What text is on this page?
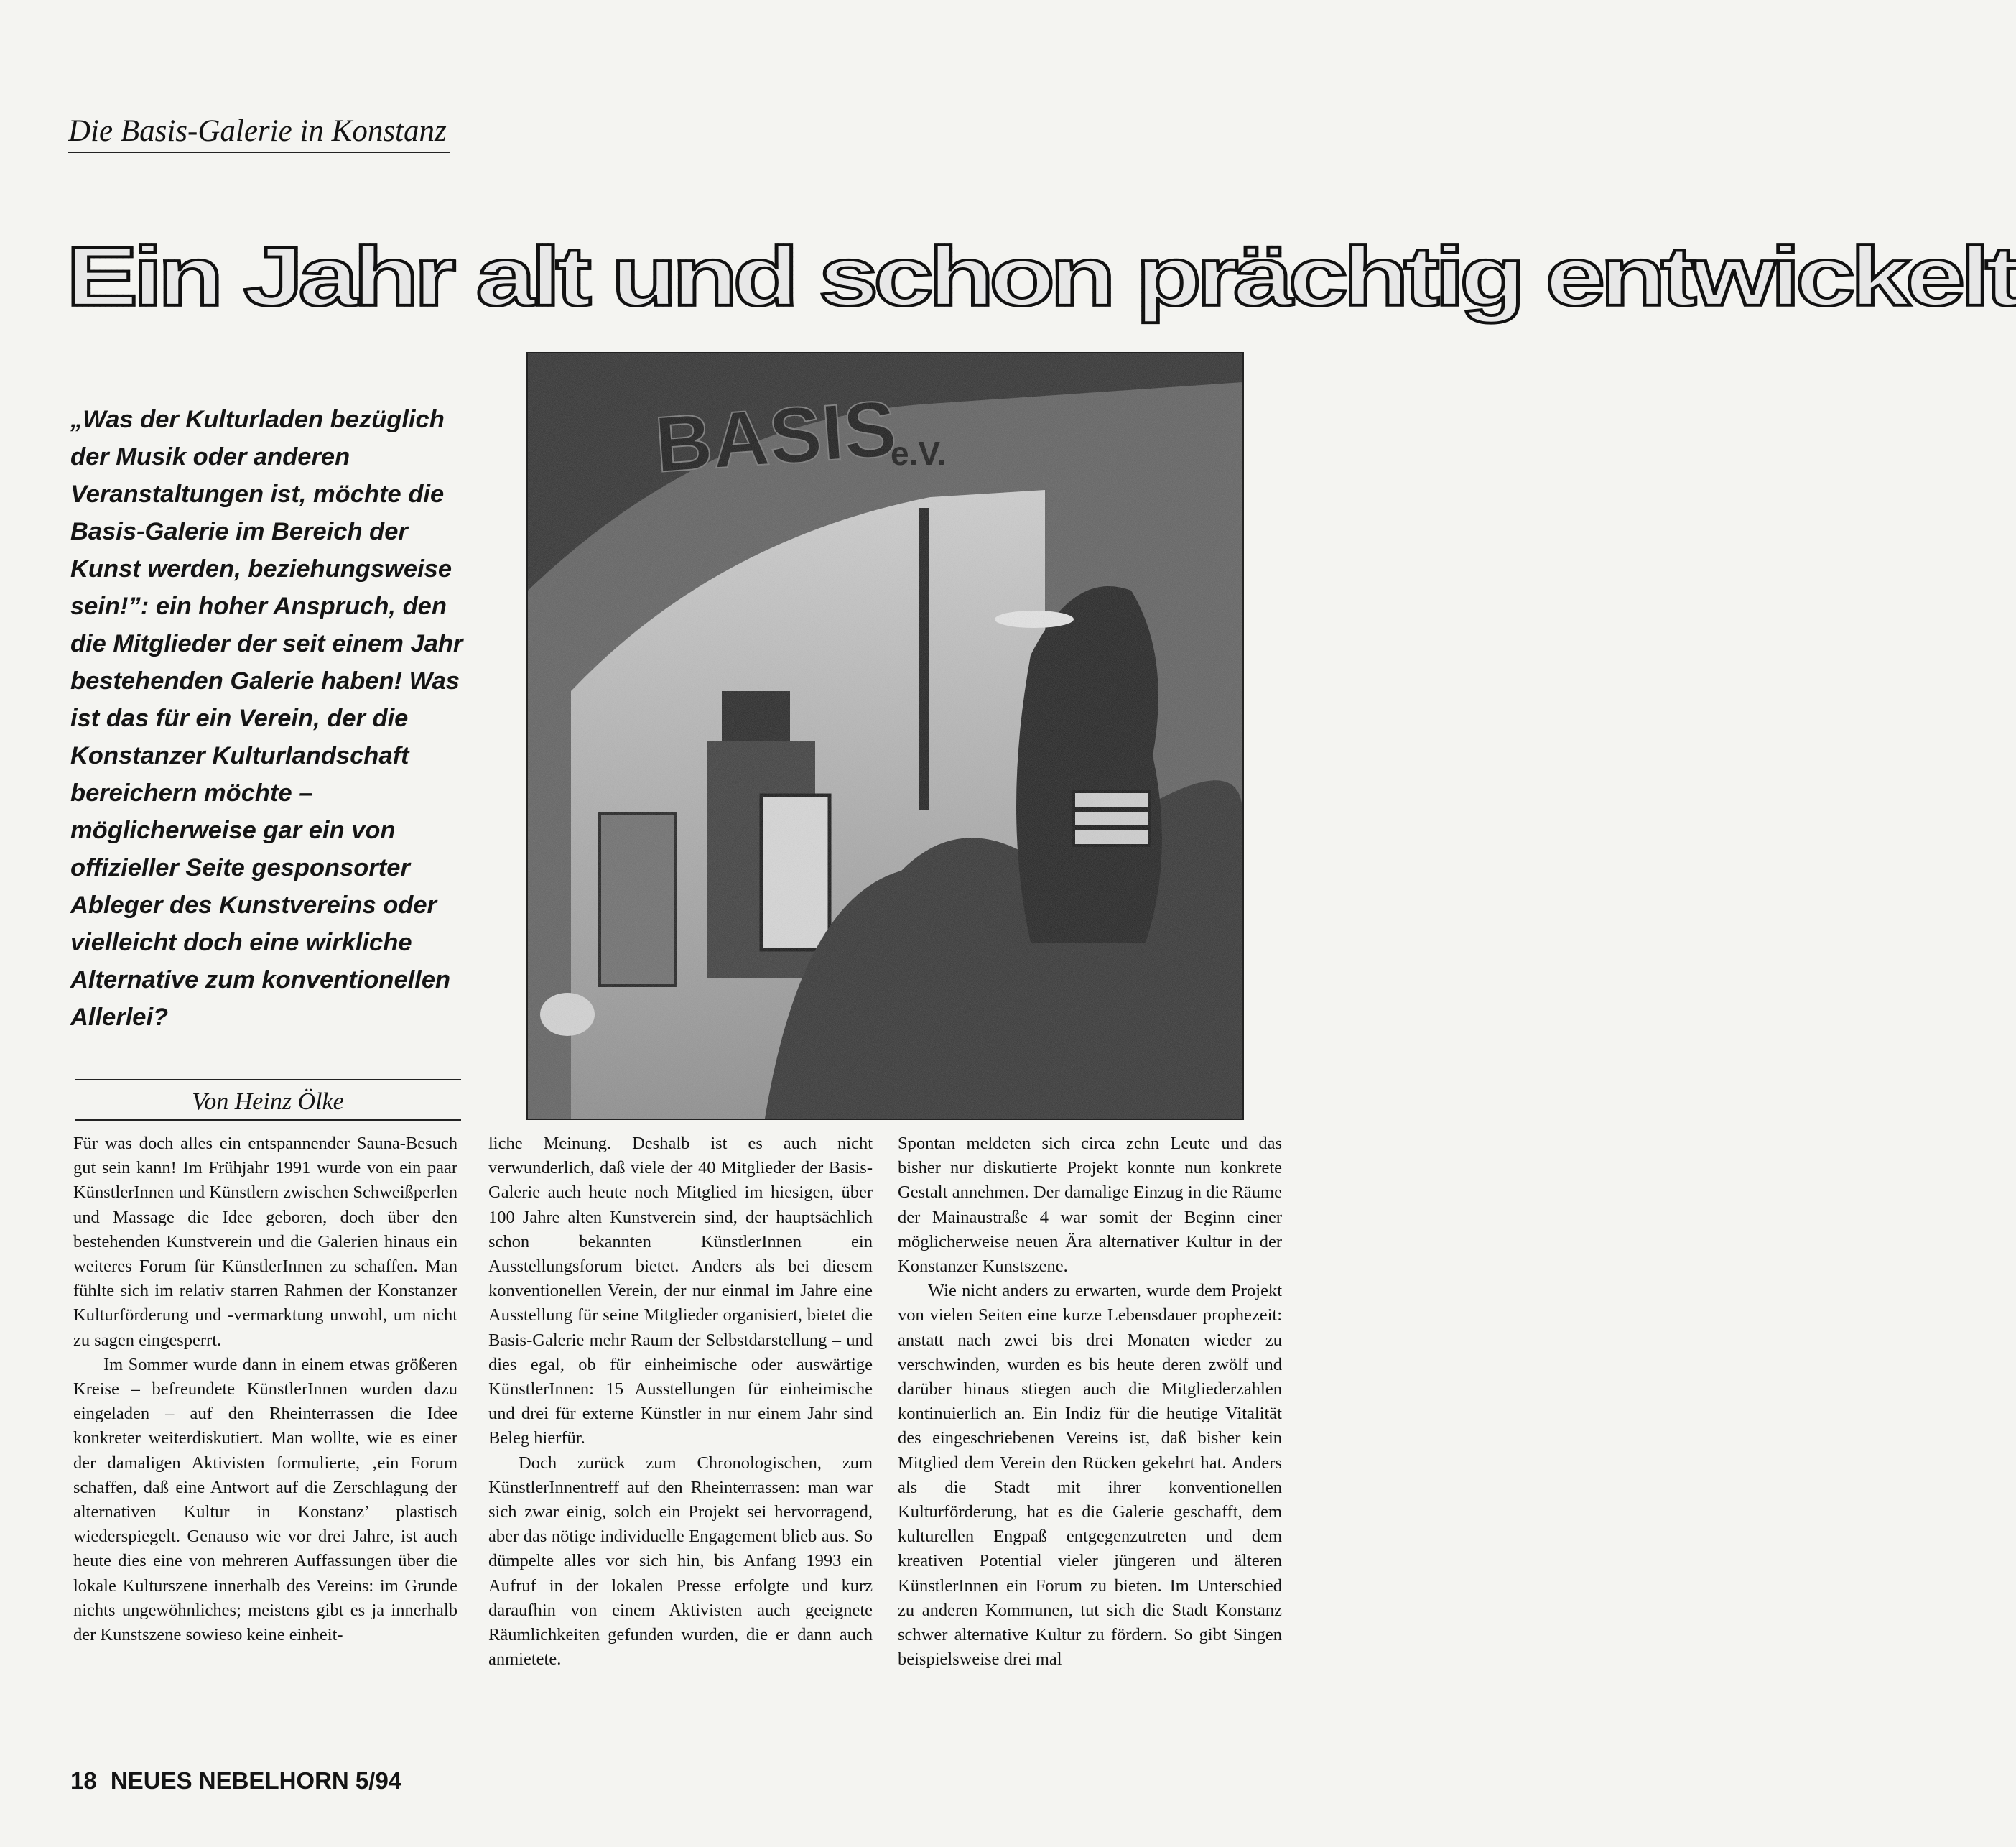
Die Basis-Galerie in Konstanz
Ein Jahr alt und schon prächtig entwickelt

„Was der Kulturladen bezüglich der Musik oder anderen Veranstaltungen ist, möchte die Basis-Galerie im Bereich der Kunst werden, beziehungsweise sein!”: ein hoher Anspruch, den die Mitglieder der seit einem Jahr bestehenden Galerie haben! Was ist das für ein Verein, der die Konstanzer Kulturlandschaft bereichern möchte – möglicherweise gar ein von offizieller Seite gesponsorter Ableger des Kunstvereins oder vielleicht doch eine wirkliche Alternative zum konventionellen Allerlei?

Von Heinz Ölke

Für was doch alles ein entspannender Sauna-Besuch gut sein kann! Im Frühjahr 1991 wurde von ein paar KünstlerInnen und Künstlern zwischen Schweißperlen und Massage die Idee geboren, doch über den bestehenden Kunstverein und die Galerien hinaus ein weiteres Forum für KünstlerInnen zu schaffen. Man fühlte sich im relativ starren Rahmen der Konstanzer Kulturförderung und -vermarktung unwohl, um nicht zu sagen eingesperrt.

Im Sommer wurde dann in einem etwas größeren Kreise – befreundete KünstlerInnen wurden dazu eingeladen – auf den Rheinterrassen die Idee konkreter weiterdiskutiert. Man wollte, wie es einer der damaligen Aktivisten formulierte, ‚ein Forum schaffen, daß eine Antwort auf die Zerschlagung der alternativen Kultur in Konstanz’ plastisch wiederspiegelt. Genauso wie vor drei Jahre, ist auch heute dies eine von mehreren Auffassungen über die lokale Kulturszene innerhalb des Vereins: im Grunde nichts ungewöhnliches; meistens gibt es ja innerhalb der Kunstszene sowieso keine einheit-

liche Meinung. Deshalb ist es auch nicht verwunderlich, daß viele der 40 Mitglieder der Basis-Galerie auch heute noch Mitglied im hiesigen, über 100 Jahre alten Kunstverein sind, der hauptsächlich schon bekannten KünstlerInnen ein Ausstellungsforum bietet. Anders als bei diesem konventionellen Verein, der nur einmal im Jahre eine Ausstellung für seine Mitglieder organisiert, bietet die Basis-Galerie mehr Raum der Selbstdarstellung – und dies egal, ob für einheimische oder auswärtige KünstlerInnen: 15 Ausstellungen für einheimische und drei für externe Künstler in nur einem Jahr sind Beleg hierfür.

Doch zurück zum Chronologischen, zum KünstlerInnentreff auf den Rheinterrassen: man war sich zwar einig, solch ein Projekt sei hervorragend, aber das nötige individuelle Engagement blieb aus. So dümpelte alles vor sich hin, bis Anfang 1993 ein Aufruf in der lokalen Presse erfolgte und kurz daraufhin von einem Aktivisten auch geeignete Räumlichkeiten gefunden wurden, die er dann auch anmietete.

Spontan meldeten sich circa zehn Leute und das bisher nur diskutierte Projekt konnte nun konkrete Gestalt annehmen. Der damalige Einzug in die Räume der Mainaustraße 4 war somit der Beginn einer möglicherweise neuen Ära alternativer Kultur in der Konstanzer Kunstszene.

Wie nicht anders zu erwarten, wurde dem Projekt von vielen Seiten eine kurze Lebensdauer prophezeit: anstatt nach zwei bis drei Monaten wieder zu verschwinden, wurden es bis heute deren zwölf und darüber hinaus stiegen auch die Mitgliederzahlen kontinuierlich an. Ein Indiz für die heutige Vitalität des eingeschriebenen Vereins ist, daß bisher kein Mitglied dem Verein den Rücken gekehrt hat. Anders als die Stadt mit ihrer konventionellen Kulturförderung, hat es die Galerie geschafft, dem kulturellen Engpaß entgegenzutreten und dem kreativen Potential vieler jüngeren und älteren KünstlerInnen ein Forum zu bieten. Im Unterschied zu anderen Kommunen, tut sich die Stadt Konstanz schwer alternative Kultur zu fördern. So gibt Singen beispielsweise drei mal

18 NEUES NEBELHORN 5/94
